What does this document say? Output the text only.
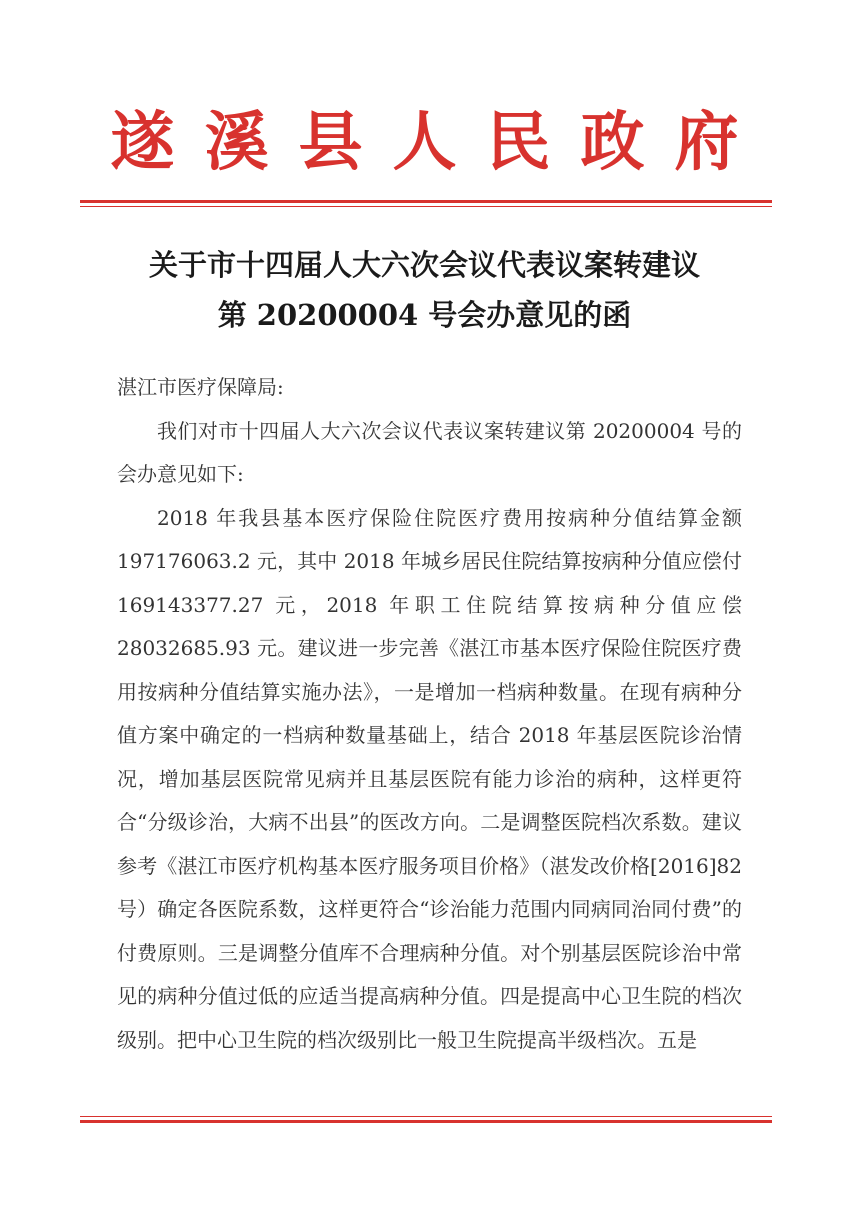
遂溪县人民政府
关于市十四届人大六次会议代表议案转建议
第 20200004 号会办意见的函

湛江市医疗保障局:

我们对市十四届人大六次会议代表议案转建议第 20200004 号的会办意见如下:

2018 年我县基本医疗保险住院医疗费用按病种分值结算金额 197176063.2 元，其中 2018 年城乡居民住院结算按病种分值应偿付 169143377.27 元，2018 年职工住院结算按病种分值应偿 28032685.93 元。建议进一步完善《湛江市基本医疗保险住院医疗费用按病种分值结算实施办法》，一是增加一档病种数量。在现有病种分值方案中确定的一档病种数量基础上，结合 2018 年基层医院诊治情况，增加基层医院常见病并且基层医院有能力诊治的病种，这样更符合“分级诊治，大病不出县”的医改方向。二是调整医院档次系数。建议参考《湛江市医疗机构基本医疗服务项目价格》（湛发改价格[2016]82 号）确定各医院系数，这样更符合“诊治能力范围内同病同治同付费”的付费原则。三是调整分值库不合理病种分值。对个别基层医院诊治中常见的病种分值过低的应适当提高病种分值。四是提高中心卫生院的档次级别。把中心卫生院的档次级别比一般卫生院提高半级档次。五是
